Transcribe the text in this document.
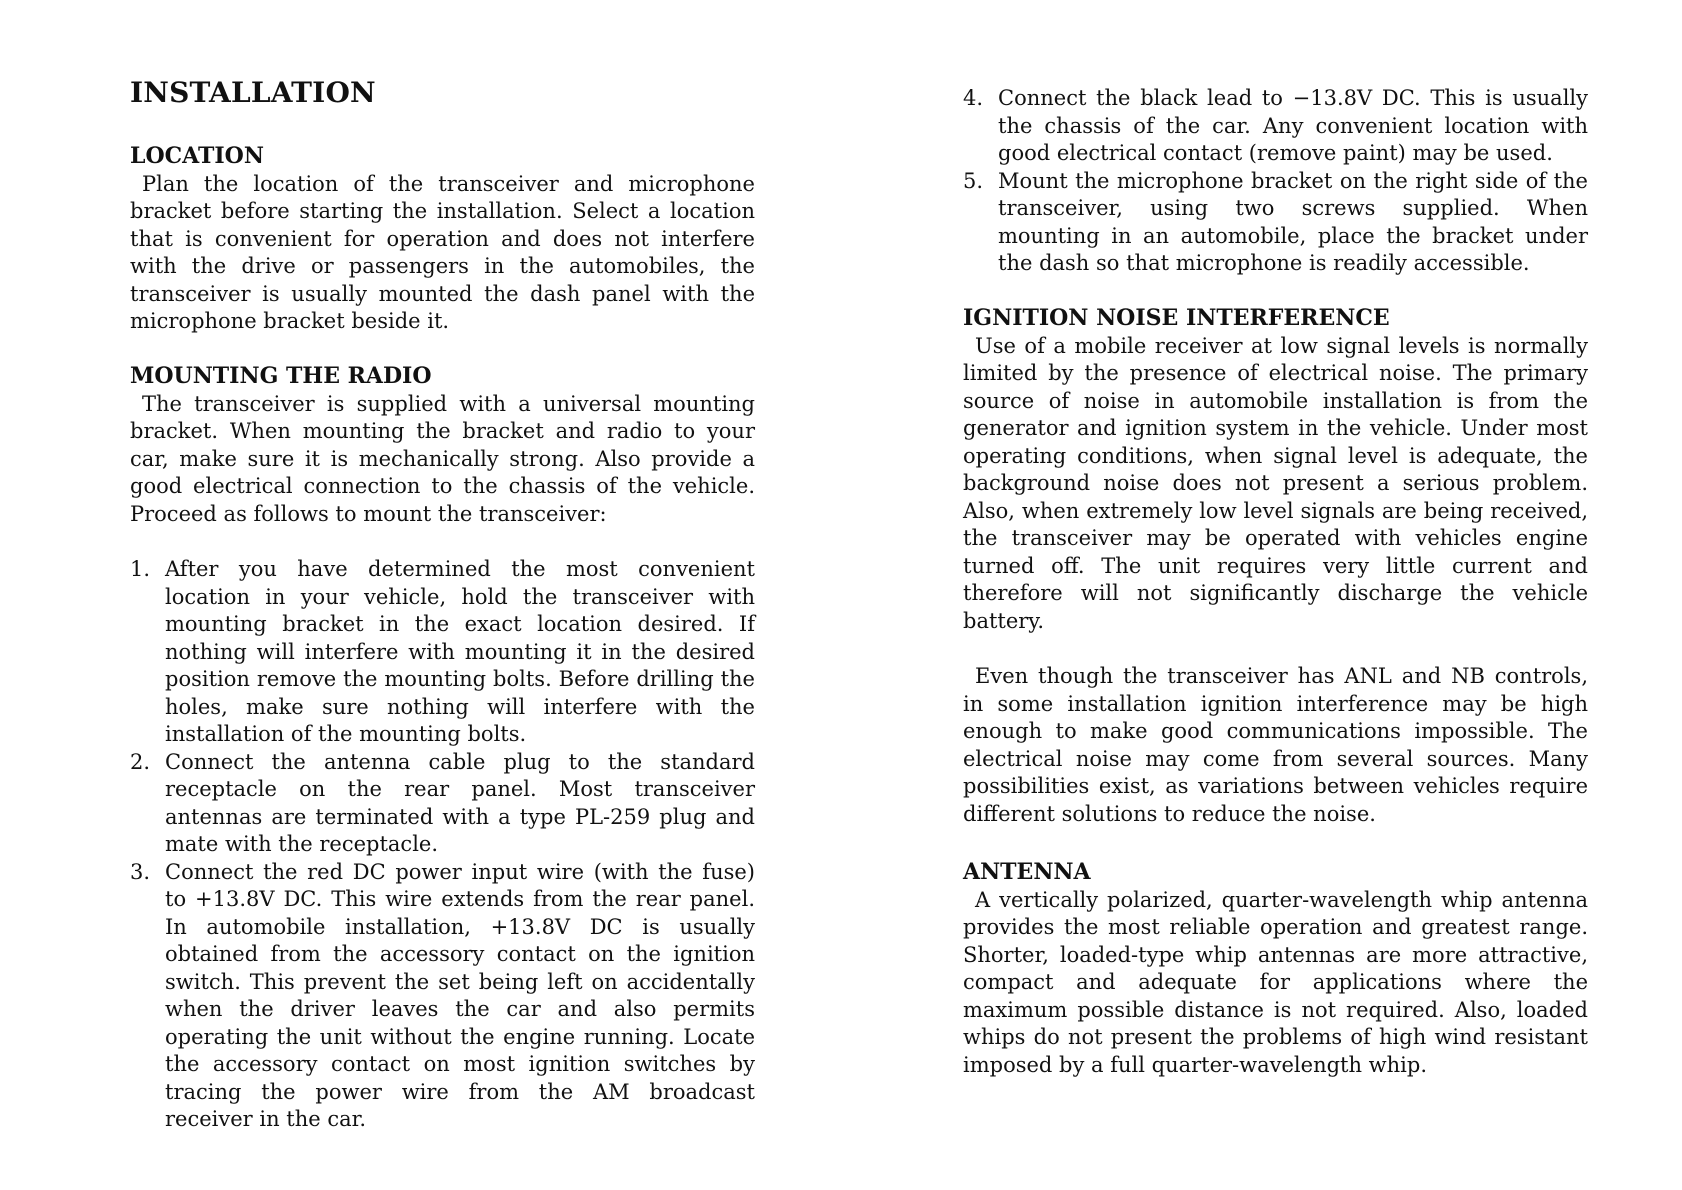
INSTALLATION
LOCATION

Plan the location of the transceiver and microphone bracket before starting the installation. Select a location that is convenient for operation and does not interfere with the drive or passengers in the automobiles, the transceiver is usually mounted the dash panel with the microphone bracket beside it.

MOUNTING THE RADIO

The transceiver is supplied with a universal mounting bracket. When mounting the bracket and radio to your car, make sure it is mechanically strong. Also provide a good electrical connection to the chassis of the vehicle. Proceed as follows to mount the transceiver:

1. After you have determined the most convenient location in your vehicle, hold the transceiver with mounting bracket in the exact location desired. If nothing will interfere with mounting it in the desired position remove the mounting bolts. Before drilling the holes, make sure nothing will interfere with the installation of the mounting bolts.
2. Connect the antenna cable plug to the standard receptacle on the rear panel. Most transceiver antennas are terminated with a type PL-259 plug and mate with the receptacle.
3. Connect the red DC power input wire (with the fuse) to +13.8V DC. This wire extends from the rear panel. In automobile installation, +13.8V DC is usually obtained from the accessory contact on the ignition switch. This prevent the set being left on accidentally when the driver leaves the car and also permits operating the unit without the engine running. Locate the accessory contact on most ignition switches by tracing the power wire from the AM broadcast receiver in the car.
4. Connect the black lead to −13.8V DC. This is usually the chassis of the car. Any convenient location with good electrical contact (remove paint) may be used.
5. Mount the microphone bracket on the right side of the transceiver, using two screws supplied. When mounting in an automobile, place the bracket under the dash so that microphone is readily accessible.
IGNITION NOISE INTERFERENCE

Use of a mobile receiver at low signal levels is normally limited by the presence of electrical noise. The primary source of noise in automobile installation is from the generator and ignition system in the vehicle. Under most operating conditions, when signal level is adequate, the background noise does not present a serious problem. Also, when extremely low level signals are being received, the transceiver may be operated with vehicles engine turned off. The unit requires very little current and therefore will not significantly discharge the vehicle battery.

Even though the transceiver has ANL and NB controls, in some installation ignition interference may be high enough to make good communications impossible. The electrical noise may come from several sources. Many possibilities exist, as variations between vehicles require different solutions to reduce the noise.

ANTENNA

A vertically polarized, quarter-wavelength whip antenna provides the most reliable operation and greatest range. Shorter, loaded-type whip antennas are more attractive, compact and adequate for applications where the maximum possible distance is not required. Also, loaded whips do not present the problems of high wind resistant imposed by a full quarter-wavelength whip.
